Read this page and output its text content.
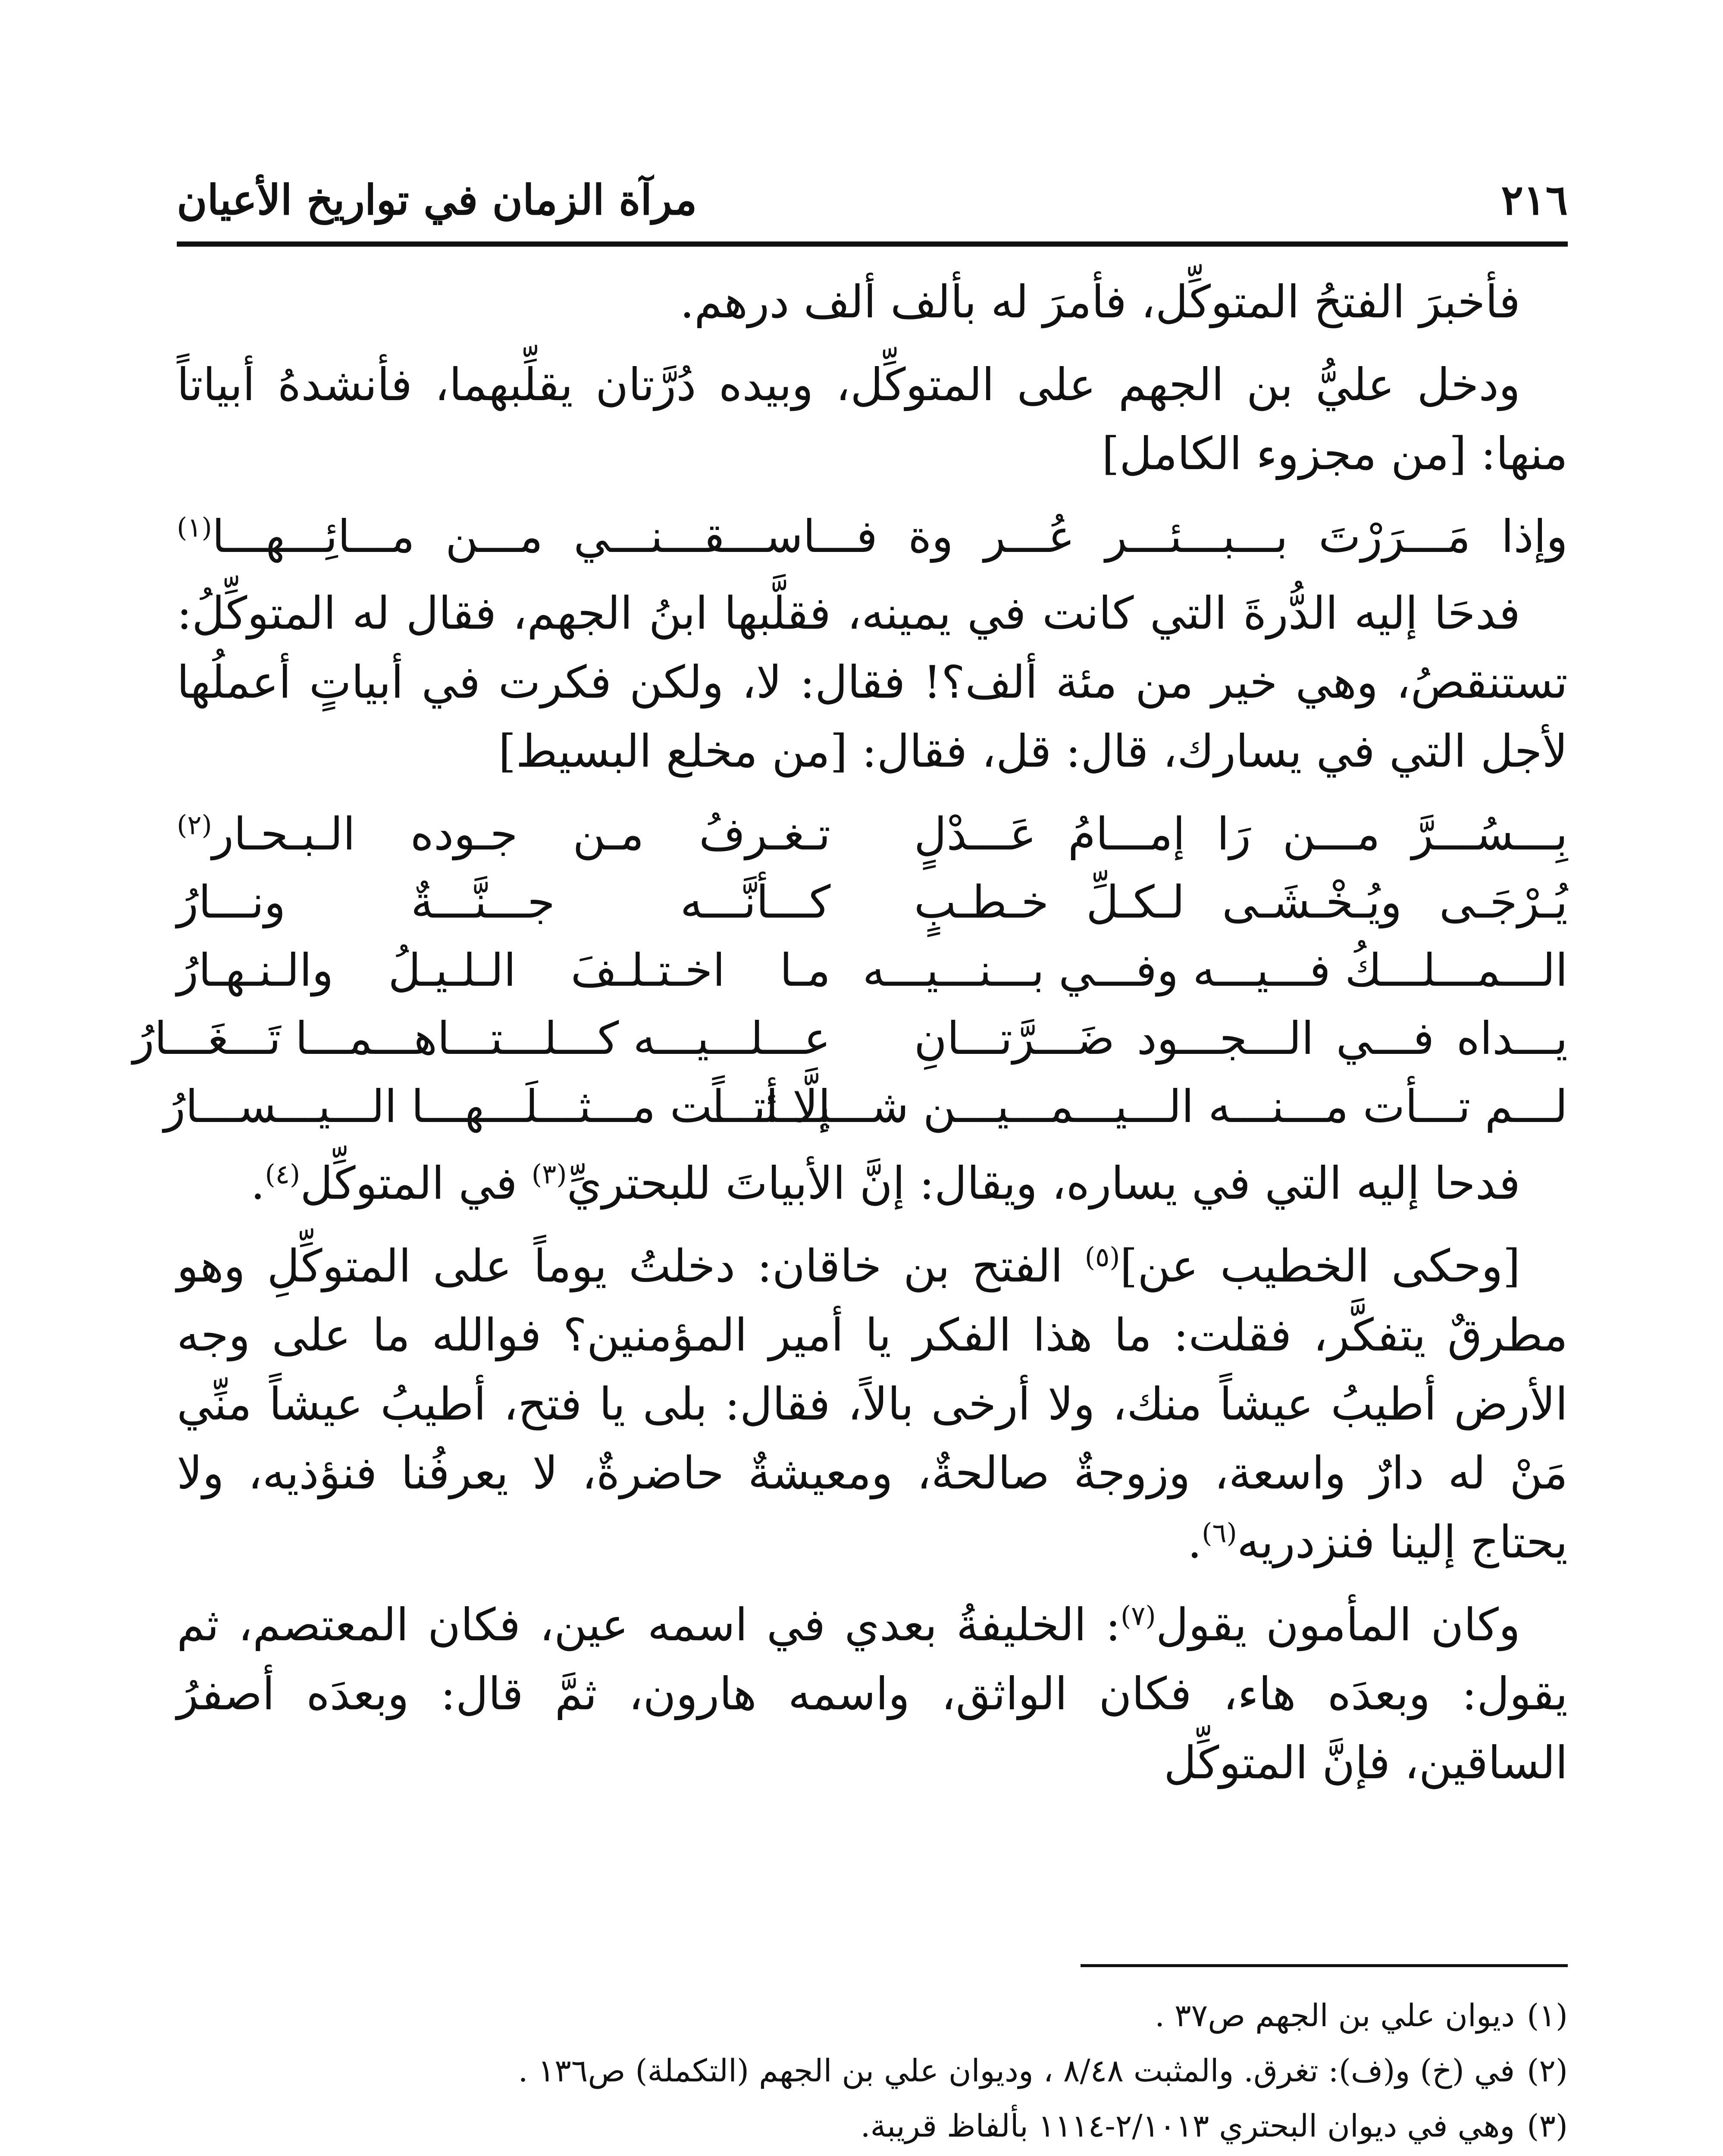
٢١٦
مرآة الزمان في تواريخ الأعيان

فأخبرَ الفتحُ المتوكِّل، فأمرَ له بألف ألف درهم.

ودخل عليُّ بن الجهم على المتوكِّل، وبيده دُرَّتان يقلِّبهما، فأنشدهُ أبياتاً منها: [من مجزوء الكامل]

وإذا مَـــرَرْتَ بـــبـــئـــر عُـــر وة فـــاســـقـــنـــي مـــن مـــائِـــهـــا$^{(١)}$

فدحَا إليه الدُّرةَ التي كانت في يمينه، فقلَّبها ابنُ الجهم، فقال له المتوكِّلُ: تستنقصُ، وهي خير من مئة ألف؟! فقال: لا، ولكن فكرت في أبياتٍ أعملُها لأجل التي في يسارك، قال: قل، فقال: [من مخلع البسيط]

بِـــسُـــرَّ مـــن رَا إمـــامُ عَـــدْلٍ
تـغـرفُ مـن جـوده الـبـحـار$^{(٢)}$
يُـرْجَـى ويُـخْـشَـى لـكـلِّ خـطـبٍ
كـــأنَّـــه جـــنَّـــةٌ ونـــارُ
الـــمـــلـــكُ فـــيـــه وفـــي بـــنـــيـــه
مـا اخـتـلـفَ الـلـيـلُ والـنـهـارُ
يـــداه فـــي الـــجـــود ضَـــرَّتـــانِ
عـــلـــيـــه كـــلـــتـــاهـــمـــا تَـــغَـــارُ
لـــم تـــأت مـــنـــه الـــيـــمـــيـــن شـــيـــئـــاً
إلَّا أتـــت مـــثـــلَـــهـــا الـــيـــســـارُ

فدحا إليه التي في يساره، ويقال: إنَّ الأبياتَ للبحتريِّ$^{(٣)}$ في المتوكِّل$^{(٤)}$.

[وحكى الخطيب عن]$^{(٥)}$ الفتح بن خاقان: دخلتُ يوماً على المتوكِّلِ وهو مطرقٌ يتفكَّر، فقلت: ما هذا الفكر يا أمير المؤمنين؟ فوالله ما على وجه الأرض أطيبُ عيشاً منك، ولا أرخى بالاً، فقال: بلى يا فتح، أطيبُ عيشاً منِّي مَنْ له دارٌ واسعة، وزوجةٌ صالحةٌ، ومعيشةٌ حاضرةٌ، لا يعرفُنا فنؤذيه، ولا يحتاج إلينا فنزدريه$^{(٦)}$.

وكان المأمون يقول$^{(٧)}$: الخليفةُ بعدي في اسمه عين، فكان المعتصم، ثم يقول: وبعدَه هاء، فكان الواثق، واسمه هارون، ثمَّ قال: وبعدَه أصفرُ الساقين، فإنَّ المتوكِّل

(١)
ديوان علي بن الجهم ص٣٧ .

(٢)
في (خ) و(ف): تغرق. والمثبت ٨/٤٨ ، وديوان علي بن الجهم (التكملة) ص١٣٦ .

(٣)
وهي في ديوان البحتري ٢/١٠١٣-١١١٤ بألفاظ قريبة.
